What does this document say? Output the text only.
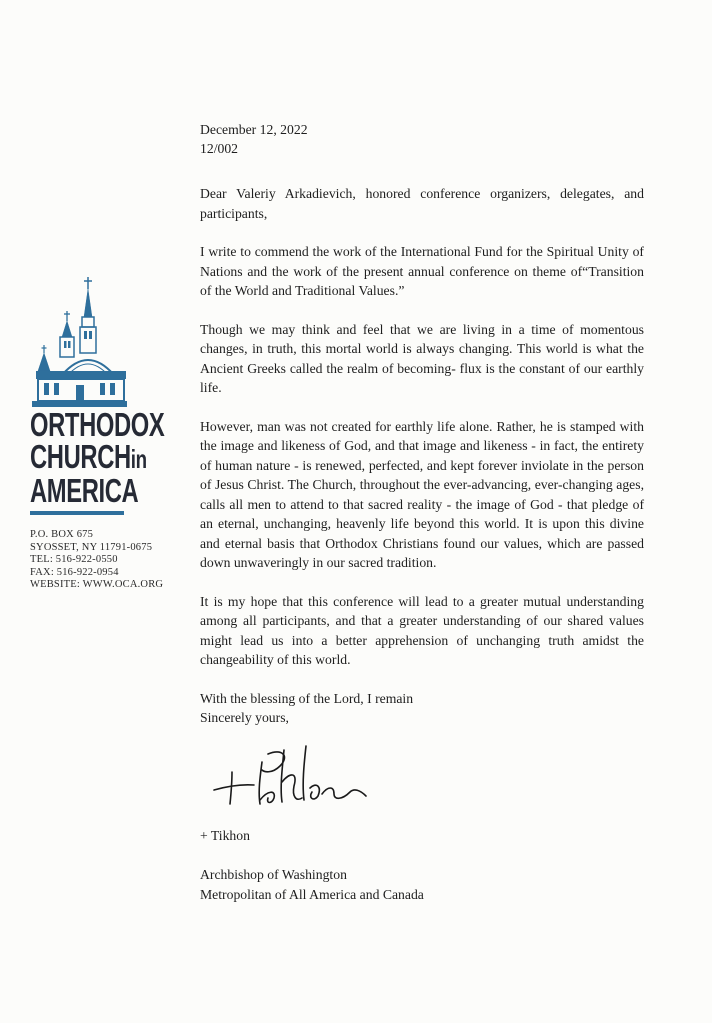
ORTHODOX
CHURCHin
AMERICA
P.O. BOX 675
SYOSSET, NY 11791-0675
TEL: 516-922-0550
FAX: 516-922-0954
WEBSITE: WWW.OCA.ORG
December 12, 2022
12/002

Dear Valeriy Arkadievich, honored conference organizers, delegates, and participants,

I write to commend the work of the International Fund for the Spiritual Unity of Nations and the work of the present annual conference on theme of“Transition of the World and Traditional Values.”

Though we may think and feel that we are living in a time of momentous changes, in truth, this mortal world is always changing. This world is what the Ancient Greeks called the realm of becoming- flux is the constant of our earthly life.

However, man was not created for earthly life alone. Rather, he is stamped with the image and likeness of God, and that image and likeness - in fact, the entirety of human nature - is renewed, perfected, and kept forever inviolate in the person of Jesus Christ. The Church, throughout the ever-advancing, ever-changing ages, calls all men to attend to that sacred reality - the image of God - that pledge of an eternal, unchanging, heavenly life beyond this world. It is upon this divine and eternal basis that Orthodox Christians found our values, which are passed down unwaveringly in our sacred tradition.

It is my hope that this conference will lead to a greater mutual understanding among all participants, and that a greater understanding of our shared values might lead us into a better apprehension of unchanging truth amidst the changeability of this world.

With the blessing of the Lord, I remain
Sincerely yours,
+ Tikhon
Archbishop of Washington
Metropolitan of All America and Canada
